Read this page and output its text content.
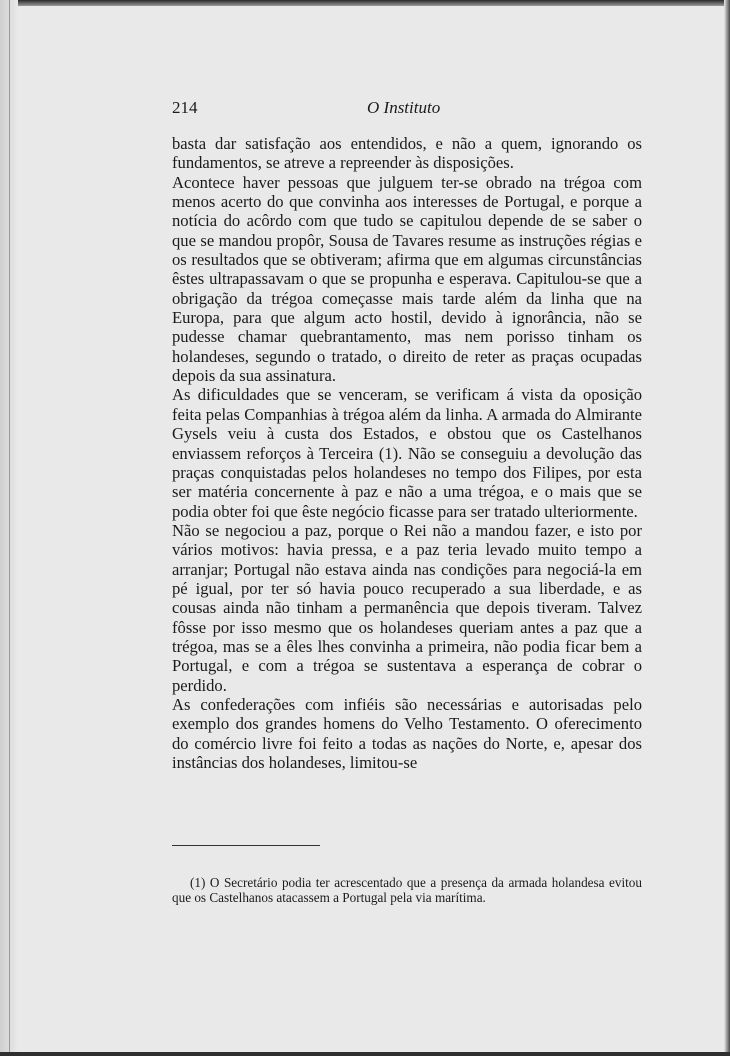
214	O Instituto

basta dar satisfação aos entendidos, e não a quem, ignorando os fundamentos, se atreve a repreender às disposições.

Acontece haver pessoas que julguem ter-se obrado na trégoa com menos acerto do que convinha aos interesses de Portugal, e porque a notícia do acôrdo com que tudo se capitulou depende de se saber o que se mandou propôr, Sousa de Tavares resume as instruções régias e os resultados que se obtiveram; afirma que em algumas circunstâncias êstes ultrapassavam o que se propunha e esperava. Capitulou-se que a obrigação da trégoa começasse mais tarde além da linha que na Europa, para que algum acto hostil, devido à ignorância, não se pudesse chamar quebrantamento, mas nem porisso tinham os holandeses, segundo o tratado, o direito de reter as praças ocupadas depois da sua assinatura.

As dificuldades que se venceram, se verificam á vista da oposição feita pelas Companhias à trégoa além da linha. A armada do Almirante Gysels veiu à custa dos Estados, e obstou que os Castelhanos enviassem reforços à Terceira (1). Não se conseguiu a devolução das praças conquistadas pelos holandeses no tempo dos Filipes, por esta ser matéria concernente à paz e não a uma trégoa, e o mais que se podia obter foi que êste negócio ficasse para ser tratado ulteriormente.

Não se negociou a paz, porque o Rei não a mandou fazer, e isto por vários motivos: havia pressa, e a paz teria levado muito tempo a arranjar; Portugal não estava ainda nas condições para negociá-la em pé igual, por ter só havia pouco recuperado a sua liberdade, e as cousas ainda não tinham a permanência que depois tiveram. Talvez fôsse por isso mesmo que os holandeses queriam antes a paz que a trégoa, mas se a êles lhes convinha a primeira, não podia ficar bem a Portugal, e com a trégoa se sustentava a esperança de cobrar o perdido.

As confederações com infiéis são necessárias e autorisadas pelo exemplo dos grandes homens do Velho Testamento. O oferecimento do comércio livre foi feito a todas as nações do Norte, e, apesar dos instâncias dos holandeses, limitou-se

(1) O Secretário podia ter acrescentado que a presença da armada holandesa evitou que os Castelhanos atacassem a Portugal pela via marítima.
